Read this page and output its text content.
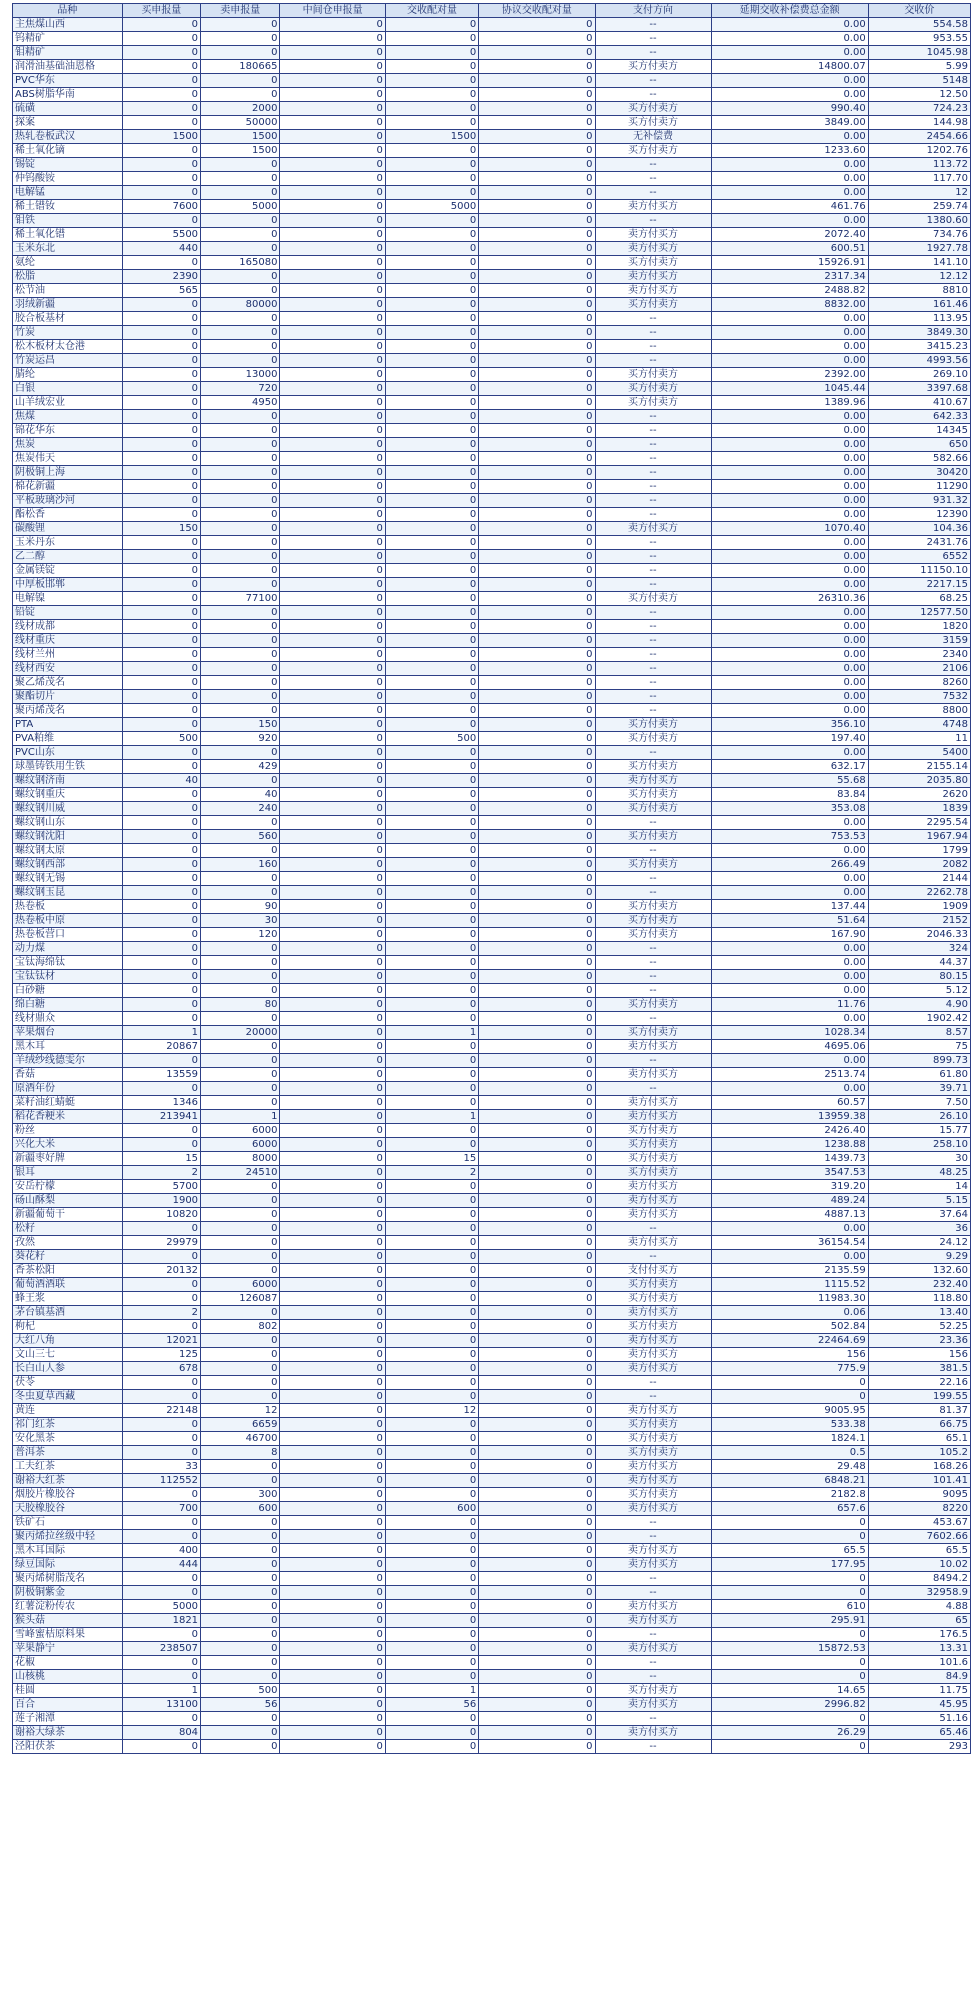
品种	买申报量	卖申报量	中间仓申报量	交收配对量	协议交收配对量	支付方向	延期交收补偿费总金额	交收价
主焦煤山西	0	0	0	0	0	--	0.00	554.58
钨精矿	0	0	0	0	0	--	0.00	953.55
钼精矿	0	0	0	0	0	--	0.00	1045.98
润滑油基础油恩格	0	180665	0	0	0	买方付卖方	14800.07	5.99
PVC华东	0	0	0	0	0	--	0.00	5148
ABS树脂华南	0	0	0	0	0	--	0.00	12.50
硫磺	0	2000	0	0	0	买方付卖方	990.40	724.23
探案	0	50000	0	0	0	买方付卖方	3849.00	144.98
热轧卷板武汉	1500	1500	0	1500	0	无补偿费	0.00	2454.66
稀土氧化镝	0	1500	0	0	0	买方付卖方	1233.60	1202.76
锡锭	0	0	0	0	0	--	0.00	113.72
仲钨酸铵	0	0	0	0	0	--	0.00	117.70
电解锰	0	0	0	0	0	--	0.00	12
稀土镨钕	7600	5000	0	5000	0	卖方付买方	461.76	259.74
钼铁	0	0	0	0	0	--	0.00	1380.60
稀土氧化镨	5500	0	0	0	0	卖方付买方	2072.40	734.76
玉米东北	440	0	0	0	0	卖方付买方	600.51	1927.78
氨纶	0	165080	0	0	0	买方付卖方	15926.91	141.10
松脂	2390	0	0	0	0	卖方付买方	2317.34	12.12
松节油	565	0	0	0	0	卖方付买方	2488.82	8810
羽绒新疆	0	80000	0	0	0	买方付卖方	8832.00	161.46
胶合板基材	0	0	0	0	0	--	0.00	113.95
竹炭	0	0	0	0	0	--	0.00	3849.30
松木板材太仓港	0	0	0	0	0	--	0.00	3415.23
竹炭运昌	0	0	0	0	0	--	0.00	4993.56
腈纶	0	13000	0	0	0	买方付卖方	2392.00	269.10
白银	0	720	0	0	0	买方付卖方	1045.44	3397.68
山羊绒宏业	0	4950	0	0	0	买方付卖方	1389.96	410.67
焦煤	0	0	0	0	0	--	0.00	642.33
锦花华东	0	0	0	0	0	--	0.00	14345
焦炭	0	0	0	0	0	--	0.00	650
焦炭伟天	0	0	0	0	0	--	0.00	582.66
阴极铜上海	0	0	0	0	0	--	0.00	30420
棉花新疆	0	0	0	0	0	--	0.00	11290
平板玻璃沙河	0	0	0	0	0	--	0.00	931.32
酯松香	0	0	0	0	0	--	0.00	12390
碳酸锂	150	0	0	0	0	卖方付买方	1070.40	104.36
玉米丹东	0	0	0	0	0	--	0.00	2431.76
乙二醇	0	0	0	0	0	--	0.00	6552
金属镁锭	0	0	0	0	0	--	0.00	11150.10
中厚板邯郸	0	0	0	0	0	--	0.00	2217.15
电解镍	0	77100	0	0	0	买方付卖方	26310.36	68.25
铅锭	0	0	0	0	0	--	0.00	12577.50
线材成都	0	0	0	0	0	--	0.00	1820
线材重庆	0	0	0	0	0	--	0.00	3159
线材兰州	0	0	0	0	0	--	0.00	2340
线材西安	0	0	0	0	0	--	0.00	2106
聚乙烯茂名	0	0	0	0	0	--	0.00	8260
聚酯切片	0	0	0	0	0	--	0.00	7532
聚丙烯茂名	0	0	0	0	0	--	0.00	8800
PTA	0	150	0	0	0	买方付卖方	356.10	4748
PVA粕维	500	920	0	500	0	买方付卖方	197.40	11
PVC山东	0	0	0	0	0	--	0.00	5400
球墨铸铁用生铁	0	429	0	0	0	买方付卖方	632.17	2155.14
螺纹钢济南	40	0	0	0	0	卖方付买方	55.68	2035.80
螺纹钢重庆	0	40	0	0	0	买方付卖方	83.84	2620
螺纹钢川威	0	240	0	0	0	买方付卖方	353.08	1839
螺纹钢山东	0	0	0	0	0	--	0.00	2295.54
螺纹钢沈阳	0	560	0	0	0	买方付卖方	753.53	1967.94
螺纹钢太原	0	0	0	0	0	--	0.00	1799
螺纹钢西部	0	160	0	0	0	买方付卖方	266.49	2082
螺纹钢无锡	0	0	0	0	0	--	0.00	2144
螺纹钢玉昆	0	0	0	0	0	--	0.00	2262.78
热卷板	0	90	0	0	0	买方付卖方	137.44	1909
热卷板中原	0	30	0	0	0	买方付卖方	51.64	2152
热卷板营口	0	120	0	0	0	买方付卖方	167.90	2046.33
动力煤	0	0	0	0	0	--	0.00	324
宝钛海绵钛	0	0	0	0	0	--	0.00	44.37
宝钛钛材	0	0	0	0	0	--	0.00	80.15
白砂糖	0	0	0	0	0	--	0.00	5.12
绵白糖	0	80	0	0	0	买方付卖方	11.76	4.90
线材鼎众	0	0	0	0	0	--	0.00	1902.42
苹果烟台	1	20000	0	1	0	买方付卖方	1028.34	8.57
黑木耳	20867	0	0	0	0	卖方付买方	4695.06	75
羊绒纱线德雯尔	0	0	0	0	0	--	0.00	899.73
香菇	13559	0	0	0	0	卖方付买方	2513.74	61.80
原酒年份	0	0	0	0	0	--	0.00	39.71
菜籽油红蜻蜓	1346	0	0	0	0	卖方付买方	60.57	7.50
稻花香粳米	213941	1	0	1	0	卖方付买方	13959.38	26.10
粉丝	0	6000	0	0	0	买方付卖方	2426.40	15.77
兴化大米	0	6000	0	0	0	买方付卖方	1238.88	258.10
新疆枣好牌	15	8000	0	15	0	买方付卖方	1439.73	30
银耳	2	24510	0	2	0	买方付卖方	3547.53	48.25
安岳柠檬	5700	0	0	0	0	卖方付买方	319.20	14
砀山酥梨	1900	0	0	0	0	卖方付买方	489.24	5.15
新疆葡萄干	10820	0	0	0	0	卖方付买方	4887.13	37.64
松籽	0	0	0	0	0	--	0.00	36
孜然	29979	0	0	0	0	卖方付买方	36154.54	24.12
葵花籽	0	0	0	0	0	--	0.00	9.29
香茶松阳	20132	0	0	0	0	支付付买方	2135.59	132.60
葡萄酒酒联	0	6000	0	0	0	买方付卖方	1115.52	232.40
蜂王浆	0	126087	0	0	0	买方付卖方	11983.30	118.80
茅台镇基酒	2	0	0	0	0	卖方付买方	0.06	13.40
枸杞	0	802	0	0	0	买方付卖方	502.84	52.25
大红八角	12021	0	0	0	0	卖方付买方	22464.69	23.36
文山三七	125	0	0	0	0	卖方付买方	156	156
长白山人参	678	0	0	0	0	卖方付买方	775.9	381.5
茯苓	0	0	0	0	0	--	0	22.16
冬虫夏草西藏	0	0	0	0	0	--	0	199.55
黄连	22148	12	0	12	0	卖方付买方	9005.95	81.37
祁门红茶	0	6659	0	0	0	买方付卖方	533.38	66.75
安化黑茶	0	46700	0	0	0	买方付卖方	1824.1	65.1
普洱茶	0	8	0	0	0	买方付卖方	0.5	105.2
工夫红茶	33	0	0	0	0	卖方付买方	29.48	168.26
谢裕大红茶	112552	0	0	0	0	卖方付买方	6848.21	101.41
烟胶片橡胶谷	0	300	0	0	0	买方付卖方	2182.8	9095
天胶橡胶谷	700	600	0	600	0	卖方付买方	657.6	8220
铁矿石	0	0	0	0	0	--	0	453.67
聚丙烯拉丝级中轻	0	0	0	0	0	--	0	7602.66
黑木耳国际	400	0	0	0	0	卖方付买方	65.5	65.5
绿豆国际	444	0	0	0	0	卖方付买方	177.95	10.02
聚丙烯树脂茂名	0	0	0	0	0	--	0	8494.2
阴极铜紫金	0	0	0	0	0	--	0	32958.9
红薯淀粉传农	5000	0	0	0	0	卖方付买方	610	4.88
猴头菇	1821	0	0	0	0	卖方付买方	295.91	65
雪峰蜜桔原料果	0	0	0	0	0	--	0	176.5
苹果静宁	238507	0	0	0	0	卖方付买方	15872.53	13.31
花椒	0	0	0	0	0	--	0	101.6
山核桃	0	0	0	0	0	--	0	84.9
桂圆	1	500	0	1	0	买方付卖方	14.65	11.75
百合	13100	56	0	56	0	卖方付买方	2996.82	45.95
莲子湘潭	0	0	0	0	0	--	0	51.16
谢裕大绿茶	804	0	0	0	0	卖方付买方	26.29	65.46
泾阳茯茶	0	0	0	0	0	--	0	293
